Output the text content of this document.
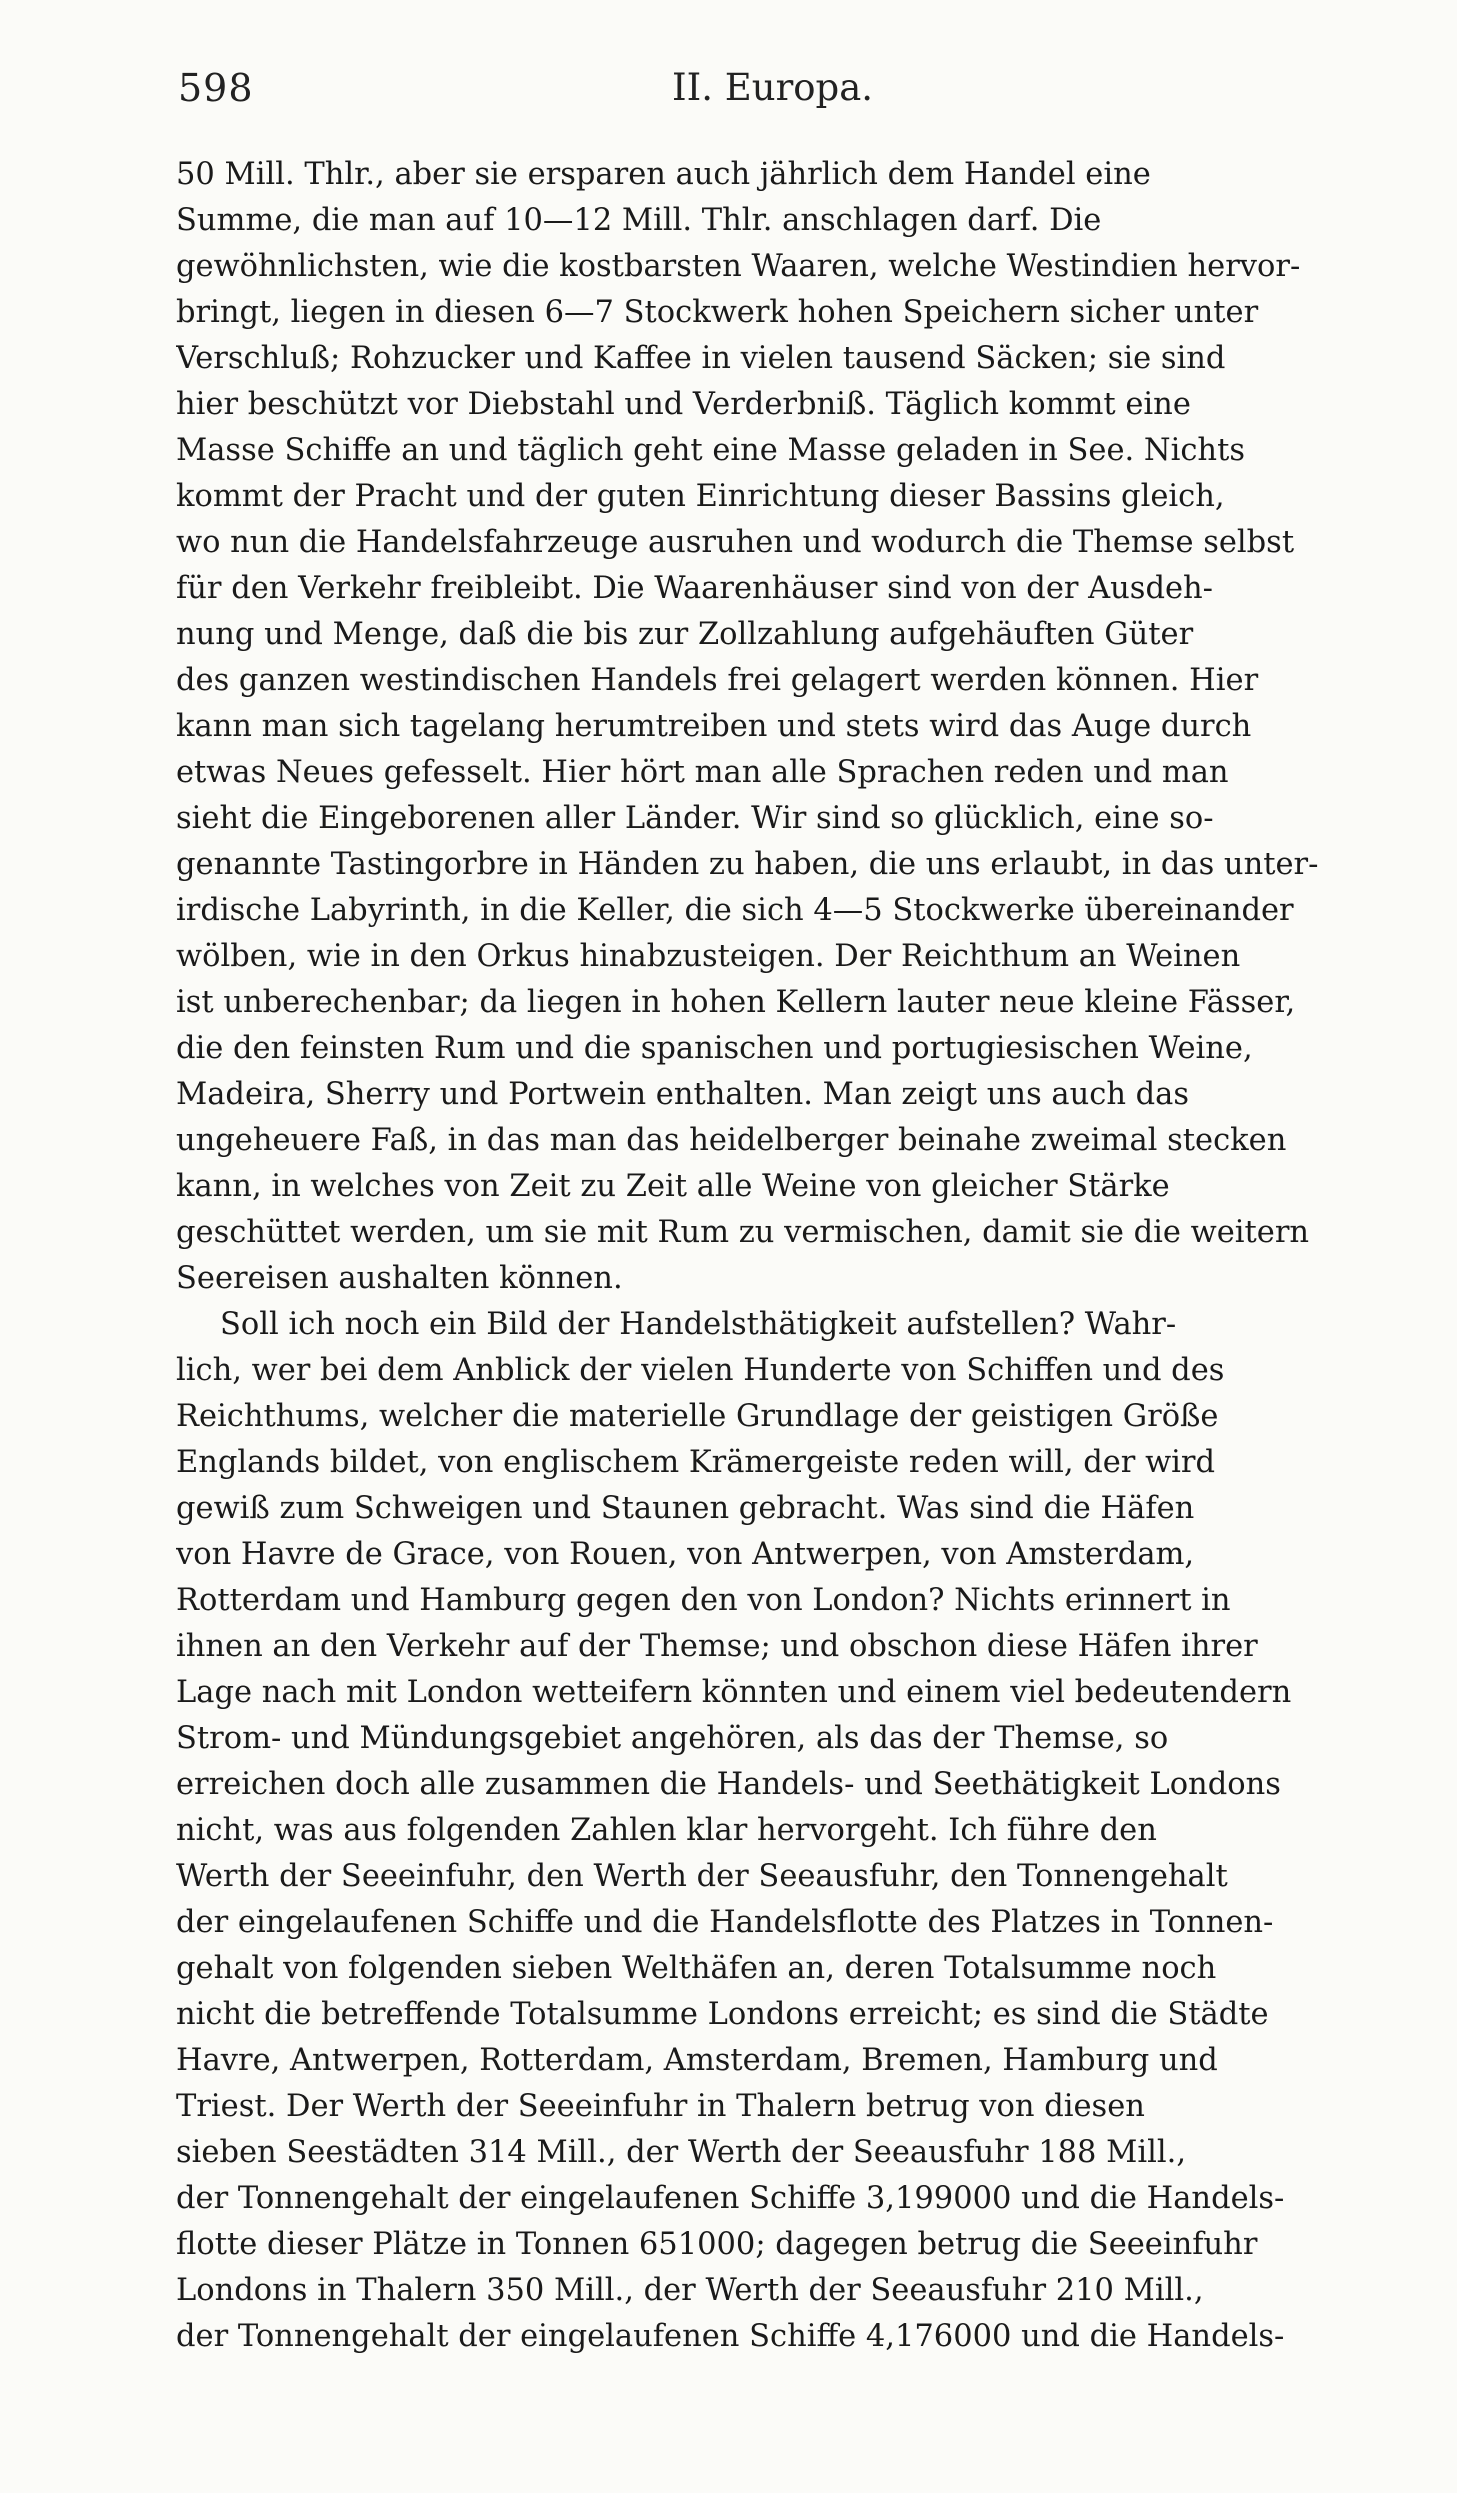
598	II. Europa.
50 Mill. Thlr., aber sie ersparen auch jährlich dem Handel eine
Summe, die man auf 10—12 Mill. Thlr. anschlagen darf. Die
gewöhnlichsten, wie die kostbarsten Waaren, welche Westindien hervor-
bringt, liegen in diesen 6—7 Stockwerk hohen Speichern sicher unter
Verschluß; Rohzucker und Kaffee in vielen tausend Säcken; sie sind
hier beschützt vor Diebstahl und Verderbniß. Täglich kommt eine
Masse Schiffe an und täglich geht eine Masse geladen in See. Nichts
kommt der Pracht und der guten Einrichtung dieser Bassins gleich,
wo nun die Handelsfahrzeuge ausruhen und wodurch die Themse selbst
für den Verkehr freibleibt. Die Waarenhäuser sind von der Ausdeh-
nung und Menge, daß die bis zur Zollzahlung aufgehäuften Güter
des ganzen westindischen Handels frei gelagert werden können. Hier
kann man sich tagelang herumtreiben und stets wird das Auge durch
etwas Neues gefesselt. Hier hört man alle Sprachen reden und man
sieht die Eingeborenen aller Länder. Wir sind so glücklich, eine so-
genannte Tastingorbre in Händen zu haben, die uns erlaubt, in das unter-
irdische Labyrinth, in die Keller, die sich 4—5 Stockwerke übereinander
wölben, wie in den Orkus hinabzusteigen. Der Reichthum an Weinen
ist unberechenbar; da liegen in hohen Kellern lauter neue kleine Fässer,
die den feinsten Rum und die spanischen und portugiesischen Weine,
Madeira, Sherry und Portwein enthalten. Man zeigt uns auch das
ungeheuere Faß, in das man das heidelberger beinahe zweimal stecken
kann, in welches von Zeit zu Zeit alle Weine von gleicher Stärke
geschüttet werden, um sie mit Rum zu vermischen, damit sie die weitern
Seereisen aushalten können.
Soll ich noch ein Bild der Handelsthätigkeit aufstellen? Wahr-
lich, wer bei dem Anblick der vielen Hunderte von Schiffen und des
Reichthums, welcher die materielle Grundlage der geistigen Größe
Englands bildet, von englischem Krämergeiste reden will, der wird
gewiß zum Schweigen und Staunen gebracht. Was sind die Häfen
von Havre de Grace, von Rouen, von Antwerpen, von Amsterdam,
Rotterdam und Hamburg gegen den von London? Nichts erinnert in
ihnen an den Verkehr auf der Themse; und obschon diese Häfen ihrer
Lage nach mit London wetteifern könnten und einem viel bedeutendern
Strom- und Mündungsgebiet angehören, als das der Themse, so
erreichen doch alle zusammen die Handels- und Seethätigkeit Londons
nicht, was aus folgenden Zahlen klar hervorgeht. Ich führe den
Werth der Seeeinfuhr, den Werth der Seeausfuhr, den Tonnengehalt
der eingelaufenen Schiffe und die Handelsflotte des Platzes in Tonnen-
gehalt von folgenden sieben Welthäfen an, deren Totalsumme noch
nicht die betreffende Totalsumme Londons erreicht; es sind die Städte
Havre, Antwerpen, Rotterdam, Amsterdam, Bremen, Hamburg und
Triest. Der Werth der Seeeinfuhr in Thalern betrug von diesen
sieben Seestädten 314 Mill., der Werth der Seeausfuhr 188 Mill.,
der Tonnengehalt der eingelaufenen Schiffe 3,199000 und die Handels-
flotte dieser Plätze in Tonnen 651000; dagegen betrug die Seeeinfuhr
Londons in Thalern 350 Mill., der Werth der Seeausfuhr 210 Mill.,
der Tonnengehalt der eingelaufenen Schiffe 4,176000 und die Handels-
